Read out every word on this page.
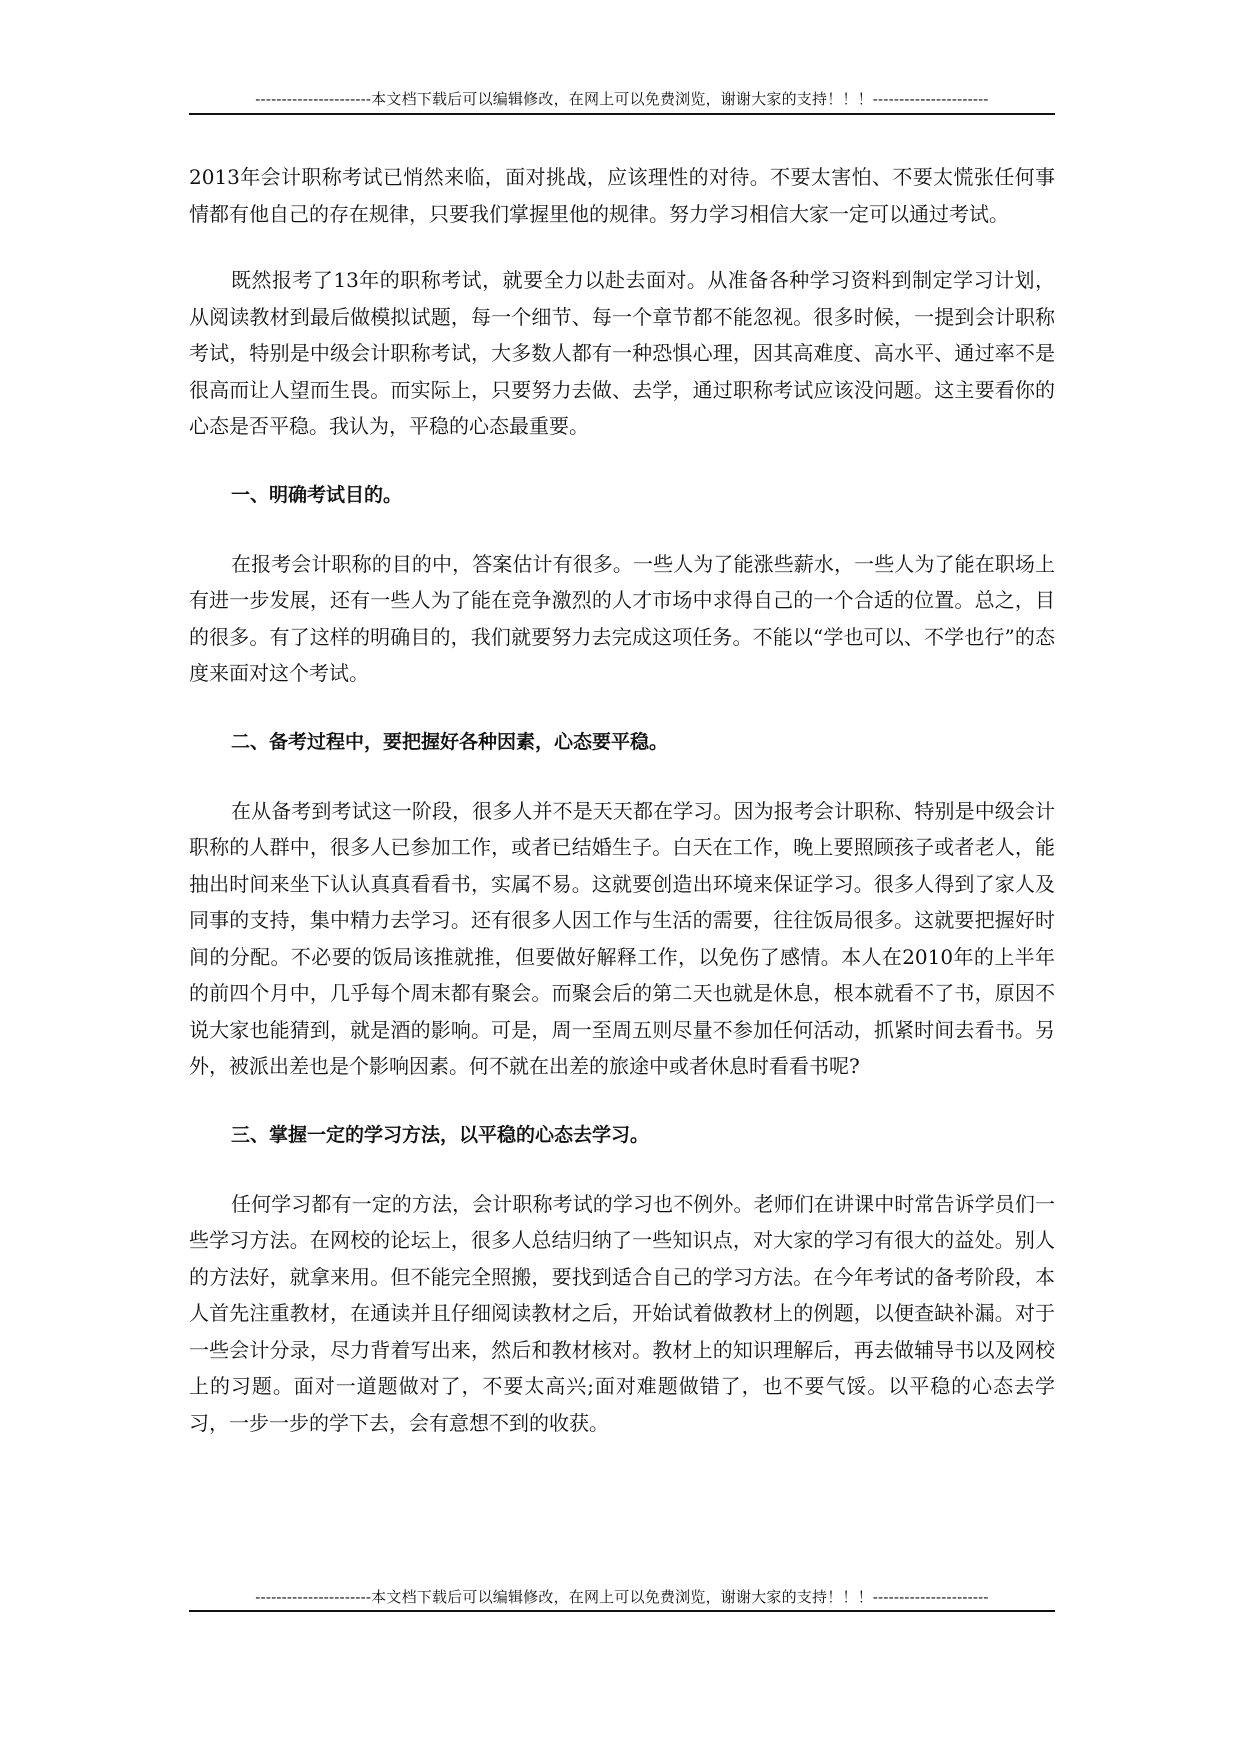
----------------------本文档下载后可以编辑修改，在网上可以免费浏览，谢谢大家的支持！！！----------------------

2013年会计职称考试已悄然来临，面对挑战，应该理性的对待。不要太害怕、不要太慌张任何事情都有他自己的存在规律，只要我们掌握里他的规律。努力学习相信大家一定可以通过考试。

既然报考了13年的职称考试，就要全力以赴去面对。从准备各种学习资料到制定学习计划，从阅读教材到最后做模拟试题，每一个细节、每一个章节都不能忽视。很多时候，一提到会计职称考试，特别是中级会计职称考试，大多数人都有一种恐惧心理，因其高难度、高水平、通过率不是很高而让人望而生畏。而实际上，只要努力去做、去学，通过职称考试应该没问题。这主要看你的心态是否平稳。我认为，平稳的心态最重要。

一、明确考试目的。

在报考会计职称的目的中，答案估计有很多。一些人为了能涨些薪水，一些人为了能在职场上有进一步发展，还有一些人为了能在竞争激烈的人才市场中求得自己的一个合适的位置。总之，目的很多。有了这样的明确目的，我们就要努力去完成这项任务。不能以“学也可以、不学也行”的态度来面对这个考试。

二、备考过程中，要把握好各种因素，心态要平稳。

在从备考到考试这一阶段，很多人并不是天天都在学习。因为报考会计职称、特别是中级会计职称的人群中，很多人已参加工作，或者已结婚生子。白天在工作，晚上要照顾孩子或者老人，能抽出时间来坐下认认真真看看书，实属不易。这就要创造出环境来保证学习。很多人得到了家人及同事的支持，集中精力去学习。还有很多人因工作与生活的需要，往往饭局很多。这就要把握好时间的分配。不必要的饭局该推就推，但要做好解释工作，以免伤了感情。本人在2010年的上半年的前四个月中，几乎每个周末都有聚会。而聚会后的第二天也就是休息，根本就看不了书，原因不说大家也能猜到，就是酒的影响。可是，周一至周五则尽量不参加任何活动，抓紧时间去看书。另外，被派出差也是个影响因素。何不就在出差的旅途中或者休息时看看书呢?

三、掌握一定的学习方法，以平稳的心态去学习。

任何学习都有一定的方法，会计职称考试的学习也不例外。老师们在讲课中时常告诉学员们一些学习方法。在网校的论坛上，很多人总结归纳了一些知识点，对大家的学习有很大的益处。别人的方法好，就拿来用。但不能完全照搬，要找到适合自己的学习方法。在今年考试的备考阶段，本人首先注重教材，在通读并且仔细阅读教材之后，开始试着做教材上的例题，以便查缺补漏。对于一些会计分录，尽力背着写出来，然后和教材核对。教材上的知识理解后，再去做辅导书以及网校上的习题。面对一道题做对了，不要太高兴;面对难题做错了，也不要气馁。以平稳的心态去学习，一步一步的学下去，会有意想不到的收获。

----------------------本文档下载后可以编辑修改，在网上可以免费浏览，谢谢大家的支持！！！----------------------
